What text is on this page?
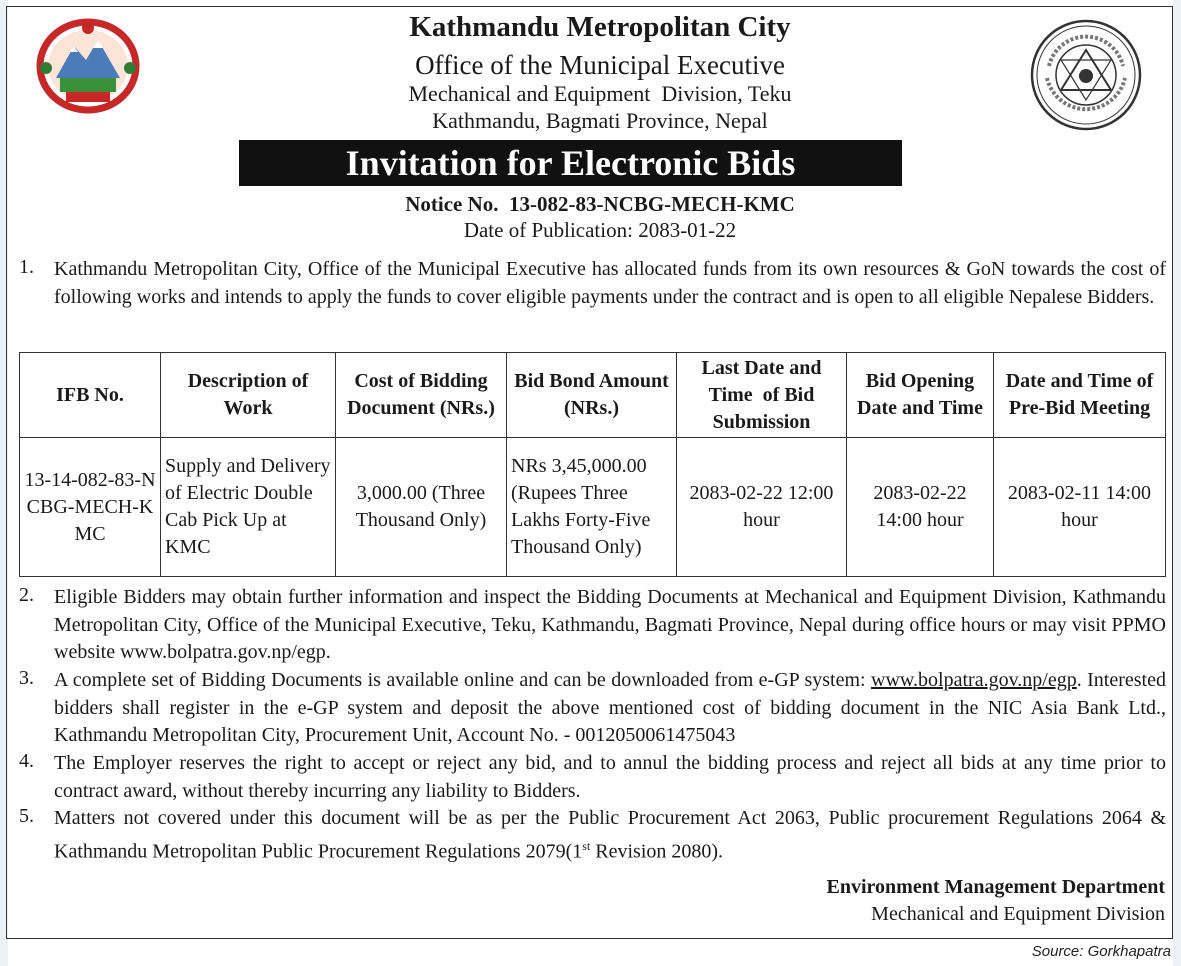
Kathmandu Metropolitan City
Office of the Municipal Executive
Mechanical and Equipment  Division, Teku
Kathmandu, Bagmati Province, Nepal
Invitation for Electronic Bids
Notice No.  13-082-83-NCBG-MECH-KMC
Date of Publication: 2083-01-22
1. Kathmandu Metropolitan City, Office of the Municipal Executive has allocated funds from its own resources & GoN towards the cost of following works and intends to apply the funds to cover eligible payments under the contract and is open to all eligible Nepalese Bidders.
IFB No.	Description of Work	Cost of Bidding Document (NRs.)	Bid Bond Amount (NRs.)	Last Date and Time  of Bid Submission	Bid Opening Date and Time	Date and Time of Pre-Bid Meeting
13-14-082-83-NCBG-MECH-KMC	Supply and Delivery of Electric Double Cab Pick Up at KMC	3,000.00 (Three Thousand Only)	NRs 3,45,000.00 (Rupees Three Lakhs Forty-Five Thousand Only)	2083-02-22 12:00 hour	2083-02-22 14:00 hour	2083-02-11 14:00 hour
2. Eligible Bidders may obtain further information and inspect the Bidding Documents at Mechanical and Equipment Division, Kathmandu Metropolitan City, Office of the Municipal Executive, Teku, Kathmandu, Bagmati Province, Nepal during office hours or may visit PPMO website www.bolpatra.gov.np/egp.
3. A complete set of Bidding Documents is available online and can be downloaded from e-GP system: www.bolpatra.gov.np/egp. Interested bidders shall register in the e-GP system and deposit the above mentioned cost of bidding document in the NIC Asia Bank Ltd., Kathmandu Metropolitan City, Procurement Unit, Account No. - 0012050061475043
4. The Employer reserves the right to accept or reject any bid, and to annul the bidding process and reject all bids at any time prior to contract award, without thereby incurring any liability to Bidders.
5. Matters not covered under this document will be as per the Public Procurement Act 2063, Public procurement Regulations 2064 & Kathmandu Metropolitan Public Procurement Regulations 2079(1st Revision 2080).
Environment Management Department
Mechanical and Equipment Division
Source: Gorkhapatra
